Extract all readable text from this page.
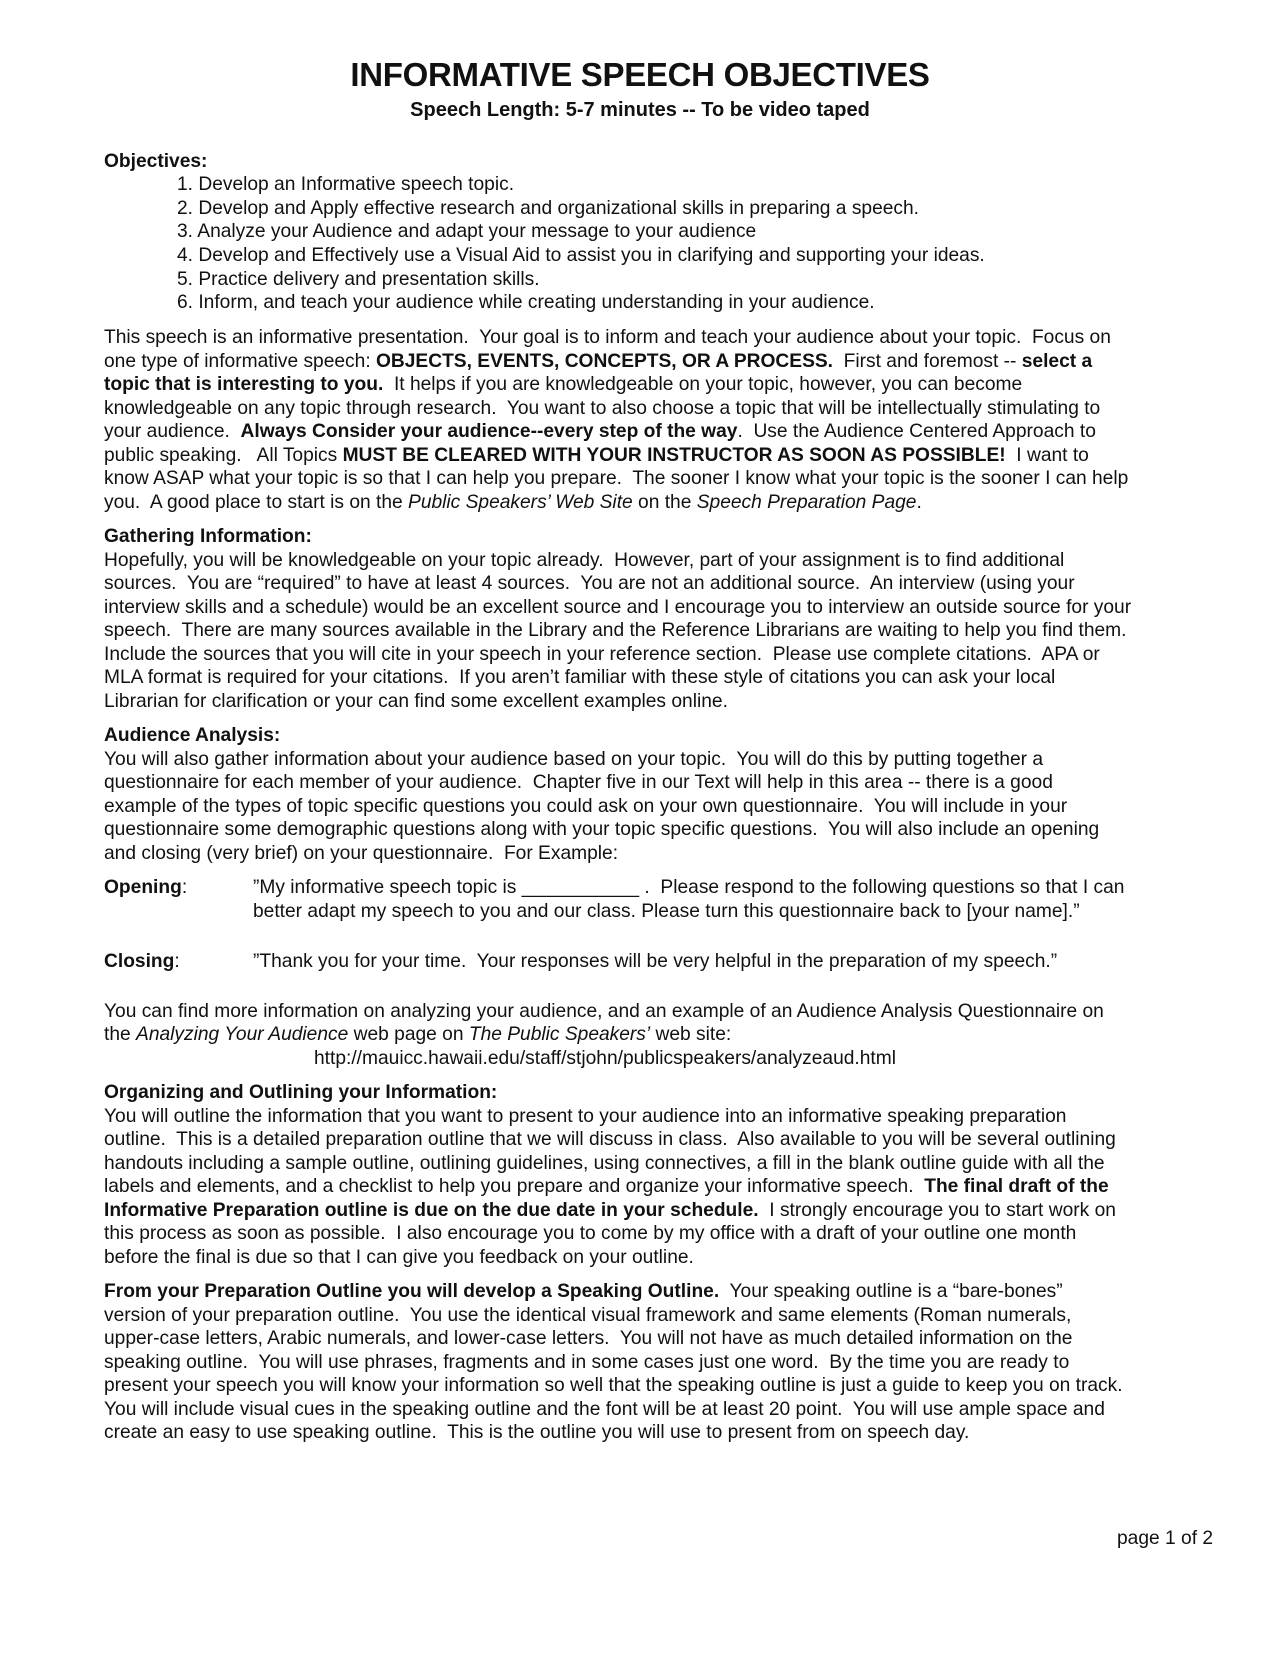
INFORMATIVE SPEECH OBJECTIVES
Speech Length: 5-7 minutes -- To be video taped
Objectives:
1. Develop an Informative speech topic.
2. Develop and Apply effective research and organizational skills in preparing a speech.
3. Analyze your Audience and adapt your message to your audience
4. Develop and Effectively use a Visual Aid to assist you in clarifying and supporting your ideas.
5. Practice delivery and presentation skills.
6. Inform, and teach your audience while creating understanding in your audience.
This speech is an informative presentation.  Your goal is to inform and teach your audience about your topic.  Focus on
one type of informative speech: OBJECTS, EVENTS, CONCEPTS, OR A PROCESS.  First and foremost -- select a
topic that is interesting to you.  It helps if you are knowledgeable on your topic, however, you can become
knowledgeable on any topic through research.  You want to also choose a topic that will be intellectually stimulating to
your audience.  Always Consider your audience--every step of the way.  Use the Audience Centered Approach to
public speaking.   All Topics MUST BE CLEARED WITH YOUR INSTRUCTOR AS SOON AS POSSIBLE!  I want to
know ASAP what your topic is so that I can help you prepare.  The sooner I know what your topic is the sooner I can help
you.  A good place to start is on the Public Speakers’ Web Site on the Speech Preparation Page.
Gathering Information:
Hopefully, you will be knowledgeable on your topic already.  However, part of your assignment is to find additional
sources.  You are “required” to have at least 4 sources.  You are not an additional source.  An interview (using your
interview skills and a schedule) would be an excellent source and I encourage you to interview an outside source for your
speech.  There are many sources available in the Library and the Reference Librarians are waiting to help you find them.
Include the sources that you will cite in your speech in your reference section.  Please use complete citations.  APA or
MLA format is required for your citations.  If you aren’t familiar with these style of citations you can ask your local
Librarian for clarification or your can find some excellent examples online.
Audience Analysis:
You will also gather information about your audience based on your topic.  You will do this by putting together a
questionnaire for each member of your audience.  Chapter five in our Text will help in this area -- there is a good
example of the types of topic specific questions you could ask on your own questionnaire.  You will include in your
questionnaire some demographic questions along with your topic specific questions.  You will also include an opening
and closing (very brief) on your questionnaire.  For Example:
Opening:	”My informative speech topic is ___________ .  Please respond to the following questions so that I can
better adapt my speech to you and our class. Please turn this questionnaire back to [your name].”
Closing:	”Thank you for your time.  Your responses will be very helpful in the preparation of my speech.”
You can find more information on analyzing your audience, and an example of an Audience Analysis Questionnaire on
the Analyzing Your Audience web page on The Public Speakers’ web site:
http://mauicc.hawaii.edu/staff/stjohn/publicspeakers/analyzeaud.html
Organizing and Outlining your Information:
You will outline the information that you want to present to your audience into an informative speaking preparation
outline.  This is a detailed preparation outline that we will discuss in class.  Also available to you will be several outlining
handouts including a sample outline, outlining guidelines, using connectives, a fill in the blank outline guide with all the
labels and elements, and a checklist to help you prepare and organize your informative speech.  The final draft of the
Informative Preparation outline is due on the due date in your schedule.  I strongly encourage you to start work on
this process as soon as possible.  I also encourage you to come by my office with a draft of your outline one month
before the final is due so that I can give you feedback on your outline.
From your Preparation Outline you will develop a Speaking Outline.  Your speaking outline is a “bare-bones”
version of your preparation outline.  You use the identical visual framework and same elements (Roman numerals,
upper-case letters, Arabic numerals, and lower-case letters.  You will not have as much detailed information on the
speaking outline.  You will use phrases, fragments and in some cases just one word.  By the time you are ready to
present your speech you will know your information so well that the speaking outline is just a guide to keep you on track.
You will include visual cues in the speaking outline and the font will be at least 20 point.  You will use ample space and
create an easy to use speaking outline.  This is the outline you will use to present from on speech day.
page 1 of 2
